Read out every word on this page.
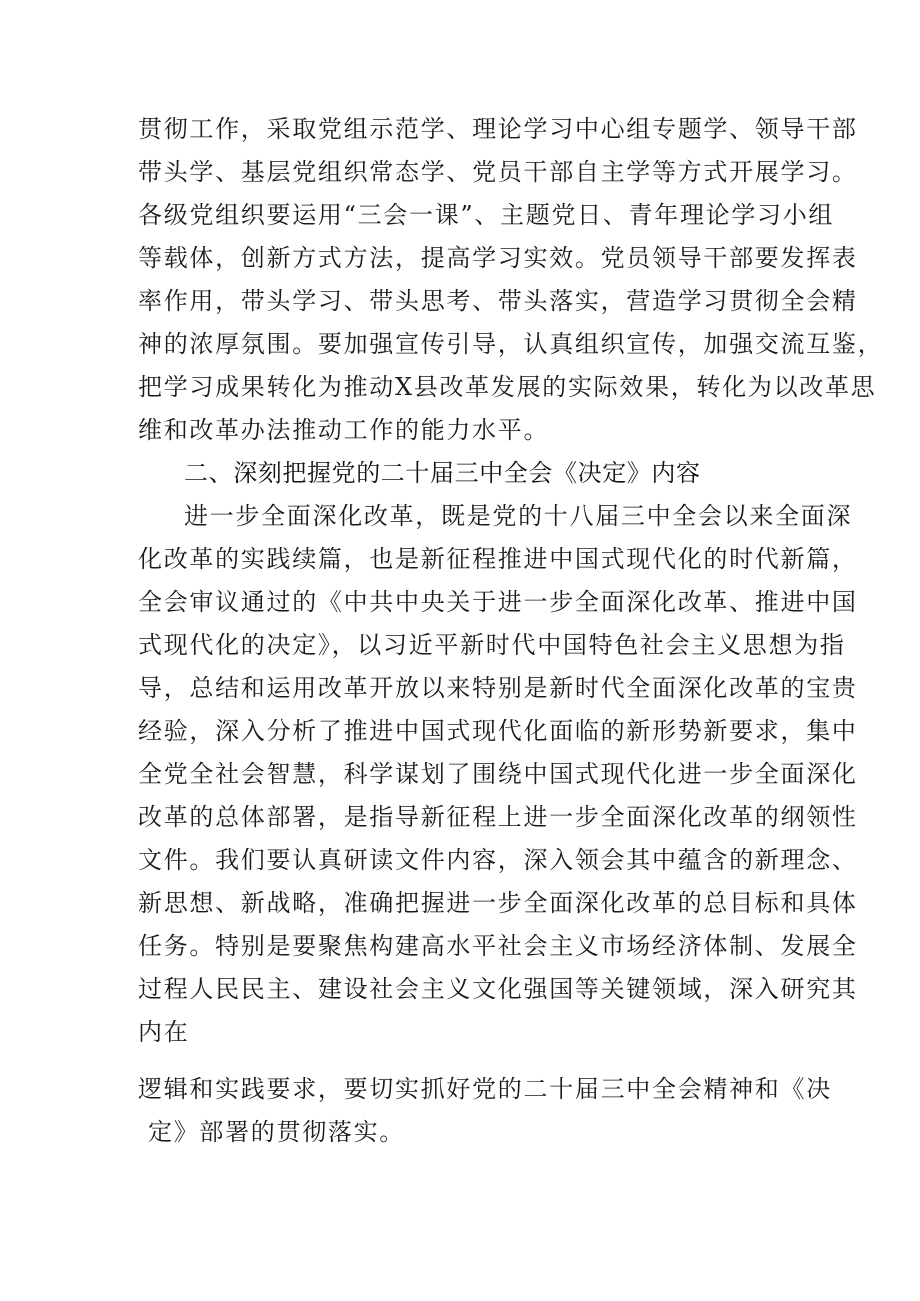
贯彻工作，采取党组示范学、理论学习中心组专题学、领导干部
带头学、基层党组织常态学、党员干部自主学等方式开展学习。
各级党组织要运用“三会一课”、主题党日、青年理论学习小组
等载体，创新方式方法，提高学习实效。党员领导干部要发挥表
率作用，带头学习、带头思考、带头落实，营造学习贯彻全会精
神的浓厚氛围。要加强宣传引导，认真组织宣传，加强交流互鉴，
把学习成果转化为推动X县改革发展的实际效果，转化为以改革思
维和改革办法推动工作的能力水平。
二、深刻把握党的二十届三中全会《决定》内容
进一步全面深化改革，既是党的十八届三中全会以来全面深
化改革的实践续篇，也是新征程推进中国式现代化的时代新篇，
全会审议通过的《中共中央关于进一步全面深化改革、推进中国
式现代化的决定》，以习近平新时代中国特色社会主义思想为指
导，总结和运用改革开放以来特别是新时代全面深化改革的宝贵
经验，深入分析了推进中国式现代化面临的新形势新要求，集中
全党全社会智慧，科学谋划了围绕中国式现代化进一步全面深化
改革的总体部署，是指导新征程上进一步全面深化改革的纲领性
文件。我们要认真研读文件内容，深入领会其中蕴含的新理念、
新思想、新战略，准确把握进一步全面深化改革的总目标和具体
任务。特别是要聚焦构建高水平社会主义市场经济体制、发展全
过程人民民主、建设社会主义文化强国等关键领域，深入研究其
内在
逻辑和实践要求，要切实抓好党的二十届三中全会精神和《决
定》部署的贯彻落实。
